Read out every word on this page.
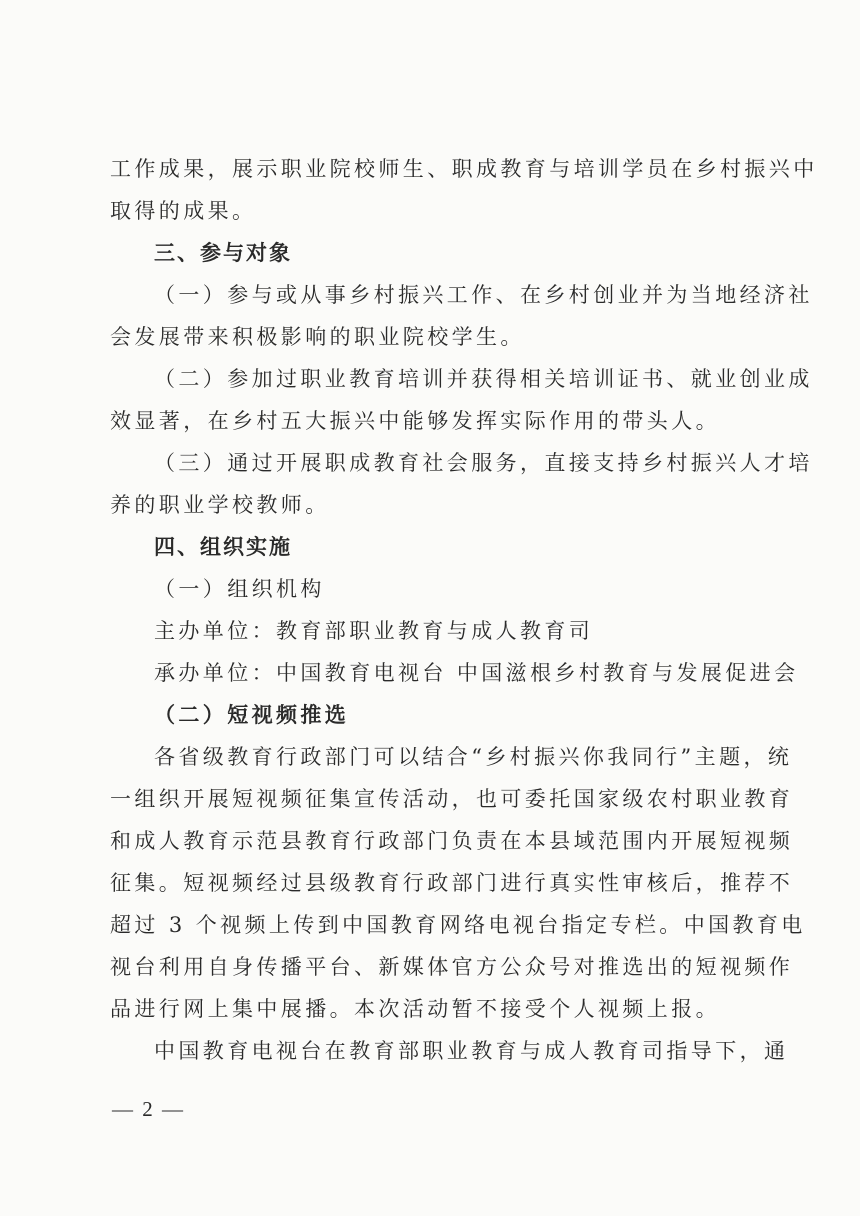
工作成果，展示职业院校师生、职成教育与培训学员在乡村振兴中

取得的成果。

三、参与对象

（一）参与或从事乡村振兴工作、在乡村创业并为当地经济社

会发展带来积极影响的职业院校学生。

（二）参加过职业教育培训并获得相关培训证书、就业创业成

效显著，在乡村五大振兴中能够发挥实际作用的带头人。

（三）通过开展职成教育社会服务，直接支持乡村振兴人才培

养的职业学校教师。

四、组织实施

（一）组织机构

主办单位：教育部职业教育与成人教育司

承办单位：中国教育电视台 中国滋根乡村教育与发展促进会

（二）短视频推选

各省级教育行政部门可以结合“乡村振兴你我同行”主题，统

一组织开展短视频征集宣传活动，也可委托国家级农村职业教育

和成人教育示范县教育行政部门负责在本县域范围内开展短视频

征集。短视频经过县级教育行政部门进行真实性审核后，推荐不

超过 3 个视频上传到中国教育网络电视台指定专栏。中国教育电

视台利用自身传播平台、新媒体官方公众号对推选出的短视频作

品进行网上集中展播。本次活动暂不接受个人视频上报。

中国教育电视台在教育部职业教育与成人教育司指导下，通

— 2 —
